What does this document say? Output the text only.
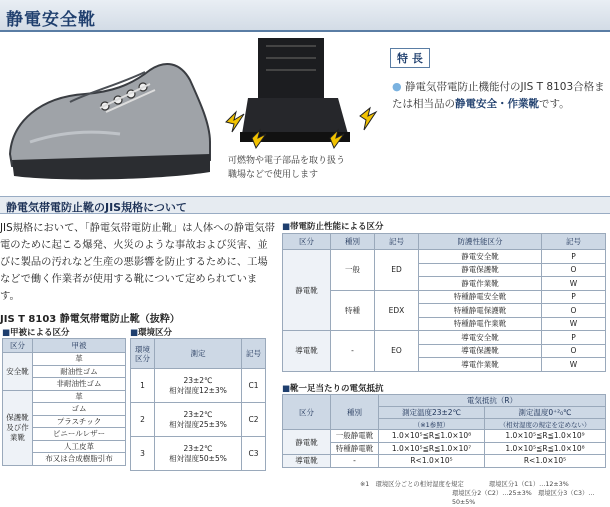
静電安全靴
可燃物や電子部品を取り扱う
職場などで使用します
特 長
● 静電気帯電防止機能付のJIS T 8103合格または相当品の静電安全・作業靴です。
静電気帯電防止靴のJIS規格について
JIS規格において、「静電気帯電防止靴」は人体への静電気帯電のために起こる爆発、火災のような事故および災害、並びに製品の汚れなど生産の悪影響を防止するために、工場などで働く作業者が使用する靴について定められています。
JIS T 8103 静電気帯電防止靴（抜粋）
■甲被による区分
区分	甲被
安全靴	革
	耐油性ゴム
	非耐油性ゴム
保護靴及び作業靴	革
	ゴム
	プラスチック
	ビニールレザー
	人工皮革
	布又は合成樹脂引布
■環境区分
環境区分	測定	記号
1	23±2℃
相対湿度12±3%	C1
2	23±2℃
相対湿度25±3%	C2
3	23±2℃
相対湿度50±5%	C3
■帯電防止性能による区分
区分	種別	記号	防護性能区分	記号
静電靴	一般	ED	静電安全靴	P
			静電保護靴	O
			静電作業靴	W
	特種	EDX	特種静電安全靴	P
			特種静電保護靴	O
			特種静電作業靴	W
導電靴	-	EO	導電安全靴	P
			導電保護靴	O
			導電作業靴	W
■靴一足当たりの電気抵抗
区分	種別	電気抵抗（R）	
		測定温度23±2℃	測定温度0⁺²₀℃
		（※1参照）	（相対湿度の規定を定めない）
静電靴	一般静電靴	1.0×10⁵≦R≦1.0×10⁸	1.0×10⁵≦R≦1.0×10⁹
	特種静電靴	1.0×10⁵≦R≦1.0×10⁷	1.0×10⁵≦R≦1.0×10⁸
導電靴	-	R<1.0×10⁵	R<1.0×10⁵
※1　環境区分ごとの相対湿度を規定　　　　環境区分1（C1）…12±3%
環境区分2（C2）…25±3%　環境区分3（C3）…50±5%
